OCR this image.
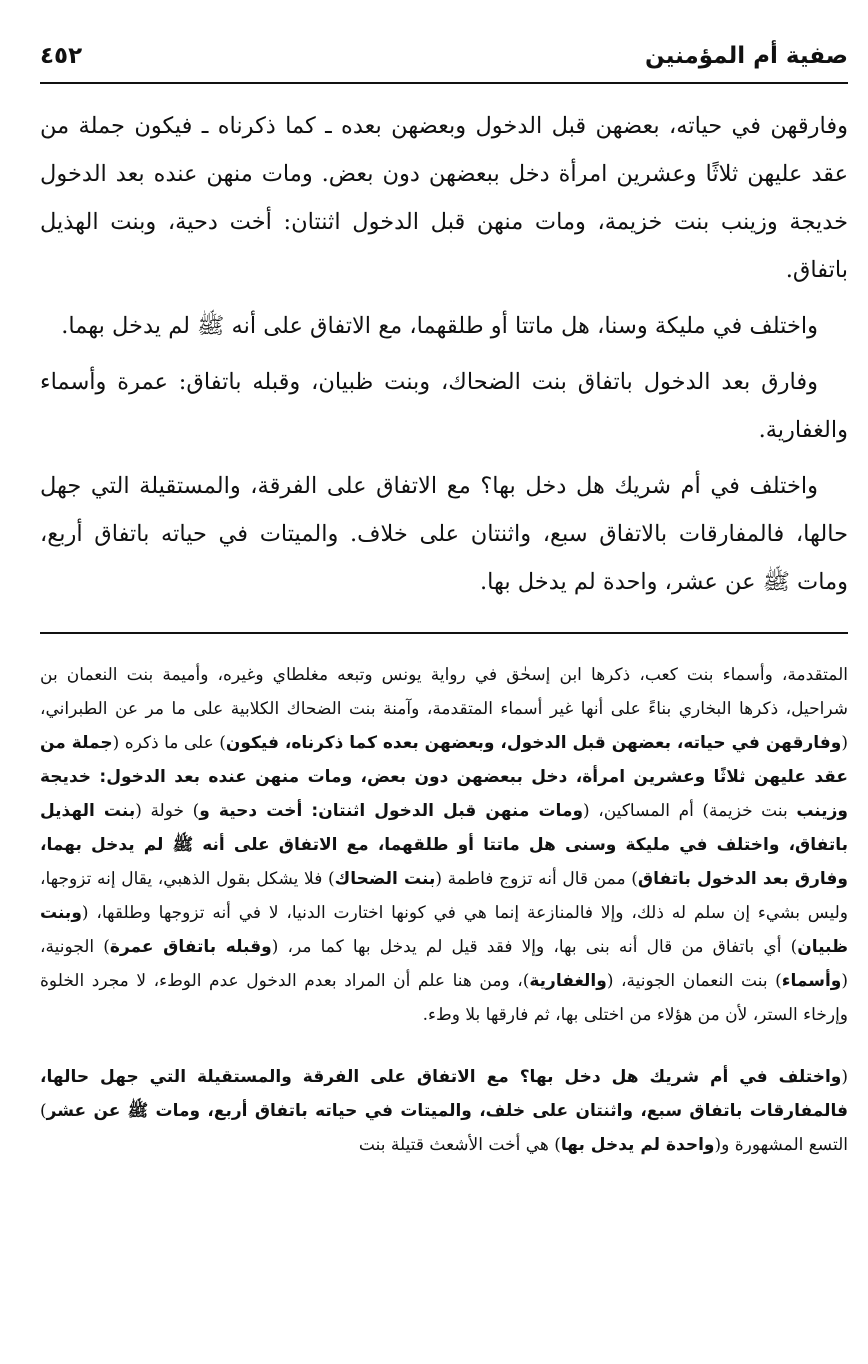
صفية أم المؤمنين
٤٥٢

وفارقهن في حياته، بعضهن قبل الدخول وبعضهن بعده ـ كما ذكرناه ـ فيكون جملة من عقد عليهن ثلاثًا وعشرين امرأة دخل ببعضهن دون بعض. ومات منهن عنده بعد الدخول خديجة وزينب بنت خزيمة، ومات منهن قبل الدخول اثنتان: أخت دحية، وبنت الهذيل باتفاق.

واختلف في مليكة وسنا، هل ماتتا أو طلقهما، مع الاتفاق على أنه ﷺ لم يدخل بهما.

وفارق بعد الدخول باتفاق بنت الضحاك، وبنت ظبيان، وقبله باتفاق: عمرة وأسماء والغفارية.

واختلف في أم شريك هل دخل بها؟ مع الاتفاق على الفرقة، والمستقيلة التي جهل حالها، فالمفارقات بالاتفاق سبع، واثنتان على خلاف. والميتات في حياته باتفاق أربع، ومات ﷺ عن عشر، واحدة لم يدخل بها.

المتقدمة، وأسماء بنت كعب، ذكرها ابن إسحٰق في رواية يونس وتبعه مغلطاي وغيره، وأميمة بنت النعمان بن شراحيل، ذكرها البخاري بناءً على أنها غير أسماء المتقدمة، وآمنة بنت الضحاك الكلابية على ما مر عن الطبراني، (وفارقهن في حياته، بعضهن قبل الدخول، وبعضهن بعده كما ذكرناه، فيكون) على ما ذكره (جملة من عقد عليهن ثلاثًا وعشرين امرأة، دخل ببعضهن دون بعض، ومات منهن عنده بعد الدخول: خديجة وزينب بنت خزيمة) أم المساكين، (ومات منهن قبل الدخول اثنتان: أخت دحية و) خولة (بنت الهذيل باتفاق، واختلف في مليكة وسنى هل ماتتا أو طلقهما، مع الاتفاق على أنه ﷺ لم يدخل بهما، وفارق بعد الدخول باتفاق) ممن قال أنه تزوج فاطمة (بنت الضحاك) فلا يشكل بقول الذهبي، يقال إنه تزوجها، وليس بشيء إن سلم له ذلك، وإلا فالمنازعة إنما هي في كونها اختارت الدنيا، لا في أنه تزوجها وطلقها، (وبنت ظبيان) أي باتفاق من قال أنه بنى بها، وإلا فقد قيل لم يدخل بها كما مر، (وقبله باتفاق عمرة) الجونية، (وأسماء) بنت النعمان الجونية، (والغفارية)، ومن هنا علم أن المراد بعدم الدخول عدم الوطء، لا مجرد الخلوة وإرخاء الستر، لأن من هؤلاء من اختلى بها، ثم فارقها بلا وطء.

(واختلف في أم شريك هل دخل بها؟ مع الاتفاق على الفرقة والمستقيلة التي جهل حالها، فالمفارقات باتفاق سبع، واثنتان على خلف، والميتات في حياته باتفاق أربع، ومات ﷺ عن عشر) التسع المشهورة و(واحدة لم يدخل بها) هي أخت الأشعث قتيلة بنت
